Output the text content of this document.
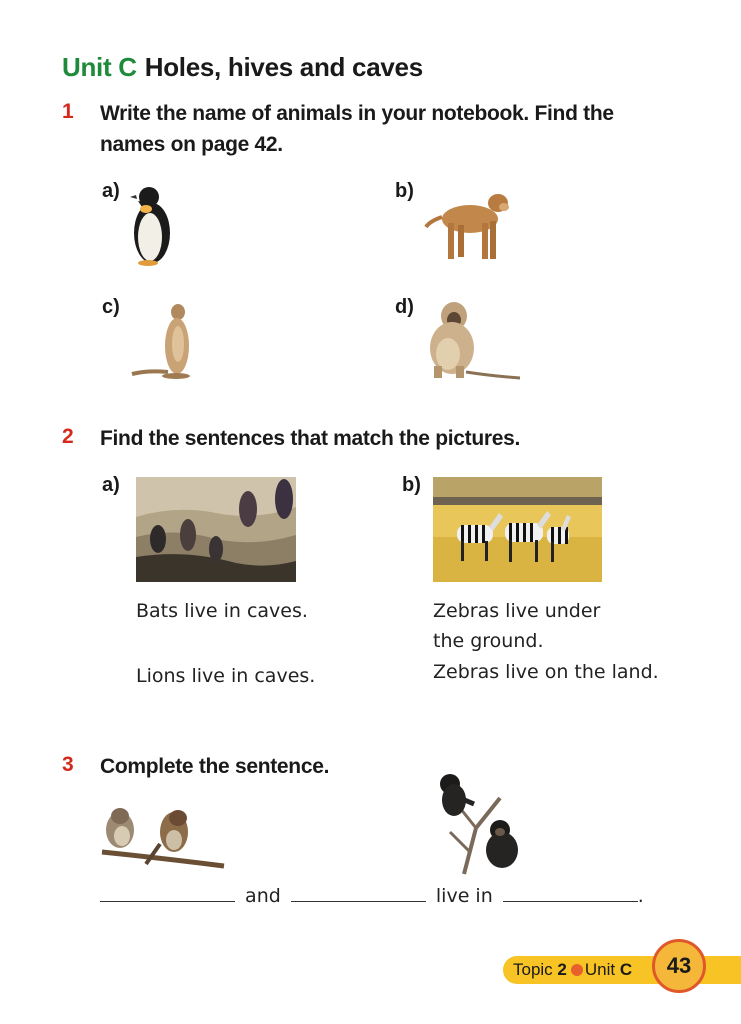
Unit C Holes, hives and caves
1 Write the name of animals in your notebook. Find the
names on page 42.
a)	b)
c)	d)
2 Find the sentences that match the pictures.
a)	b)
Bats live in caves.
Lions live in caves.
Zebras live under
the ground.
Zebras live on the land.
3 Complete the sentence.
and	live in	.
Topic 2 Unit C	43
